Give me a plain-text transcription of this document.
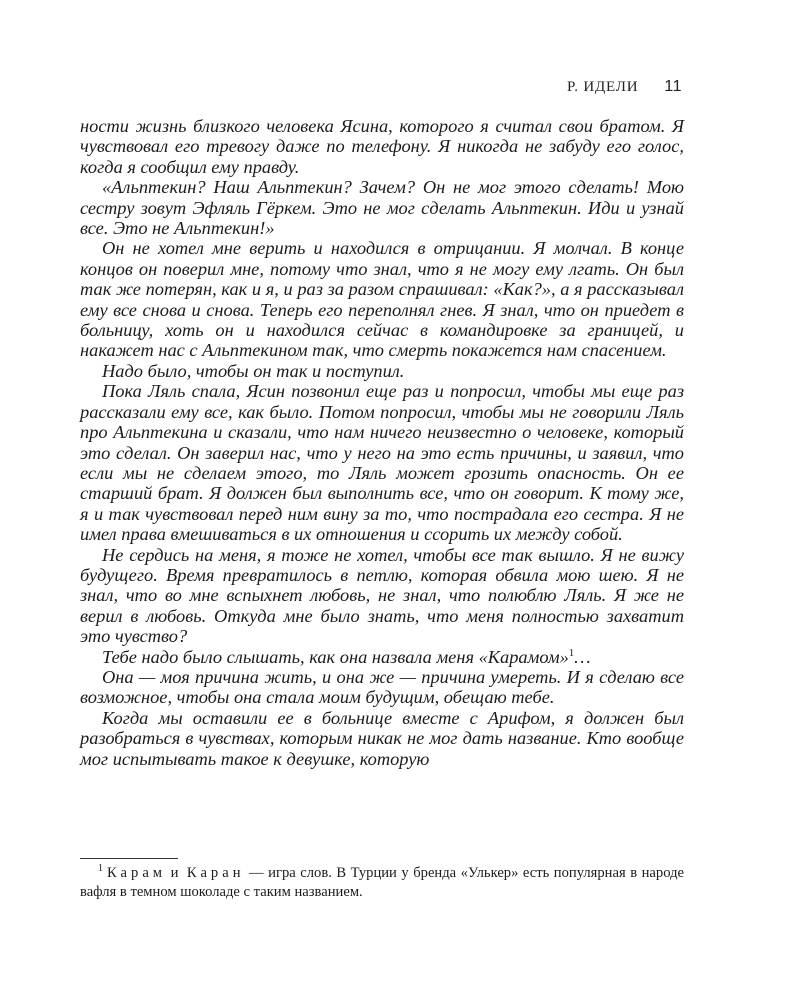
Р. ИДЕЛИ 11

ности жизнь близкого человека Ясина, которого я считал свои братом. Я чувствовал его тревогу даже по телефону. Я никогда не забуду его голос, когда я сообщил ему правду.

«Альптекин? Наш Альптекин? Зачем? Он не мог этого сделать! Мою сестру зовут Эфляль Гёркем. Это не мог сделать Альптекин. Иди и узнай все. Это не Альптекин!»

Он не хотел мне верить и находился в отрицании. Я молчал. В конце концов он поверил мне, потому что знал, что я не могу ему лгать. Он был так же потерян, как и я, и раз за разом спрашивал: «Как?», а я рассказывал ему все снова и снова. Теперь его переполнял гнев. Я знал, что он приедет в больницу, хоть он и находился сейчас в командировке за границей, и накажет нас с Альптекином так, что смерть покажется нам спасением.

Надо было, чтобы он так и поступил.

Пока Ляль спала, Ясин позвонил еще раз и попросил, чтобы мы еще раз рассказали ему все, как было. Потом попросил, чтобы мы не говорили Ляль про Альптекина и сказали, что нам ничего неизвестно о человеке, который это сделал. Он заверил нас, что у него на это есть причины, и заявил, что если мы не сделаем этого, то Ляль может грозить опасность. Он ее старший брат. Я должен был выполнить все, что он говорит. К тому же, я и так чувствовал перед ним вину за то, что пострадала его сестра. Я не имел права вмешиваться в их отношения и ссорить их между собой.

Не сердись на меня, я тоже не хотел, чтобы все так вышло. Я не вижу будущего. Время превратилось в петлю, которая обвила мою шею. Я не знал, что во мне вспыхнет любовь, не знал, что полюблю Ляль. Я же не верил в любовь. Откуда мне было знать, что меня полностью захватит это чувство?

Тебе надо было слышать, как она назвала меня «Карамом»$^1$…

Она — моя причина жить, и она же — причина умереть. И я сделаю все возможное, чтобы она стала моим будущим, обещаю тебе.

Когда мы оставили ее в больнице вместе с Арифом, я должен был разобраться в чувствах, которым никак не мог дать название. Кто вообще мог испытывать такое к девушке, которую

$^1$ Карам и Каран — игра слов. В Турции у бренда «Улькер» есть популярная в народе вафля в темном шоколаде с таким названием.
